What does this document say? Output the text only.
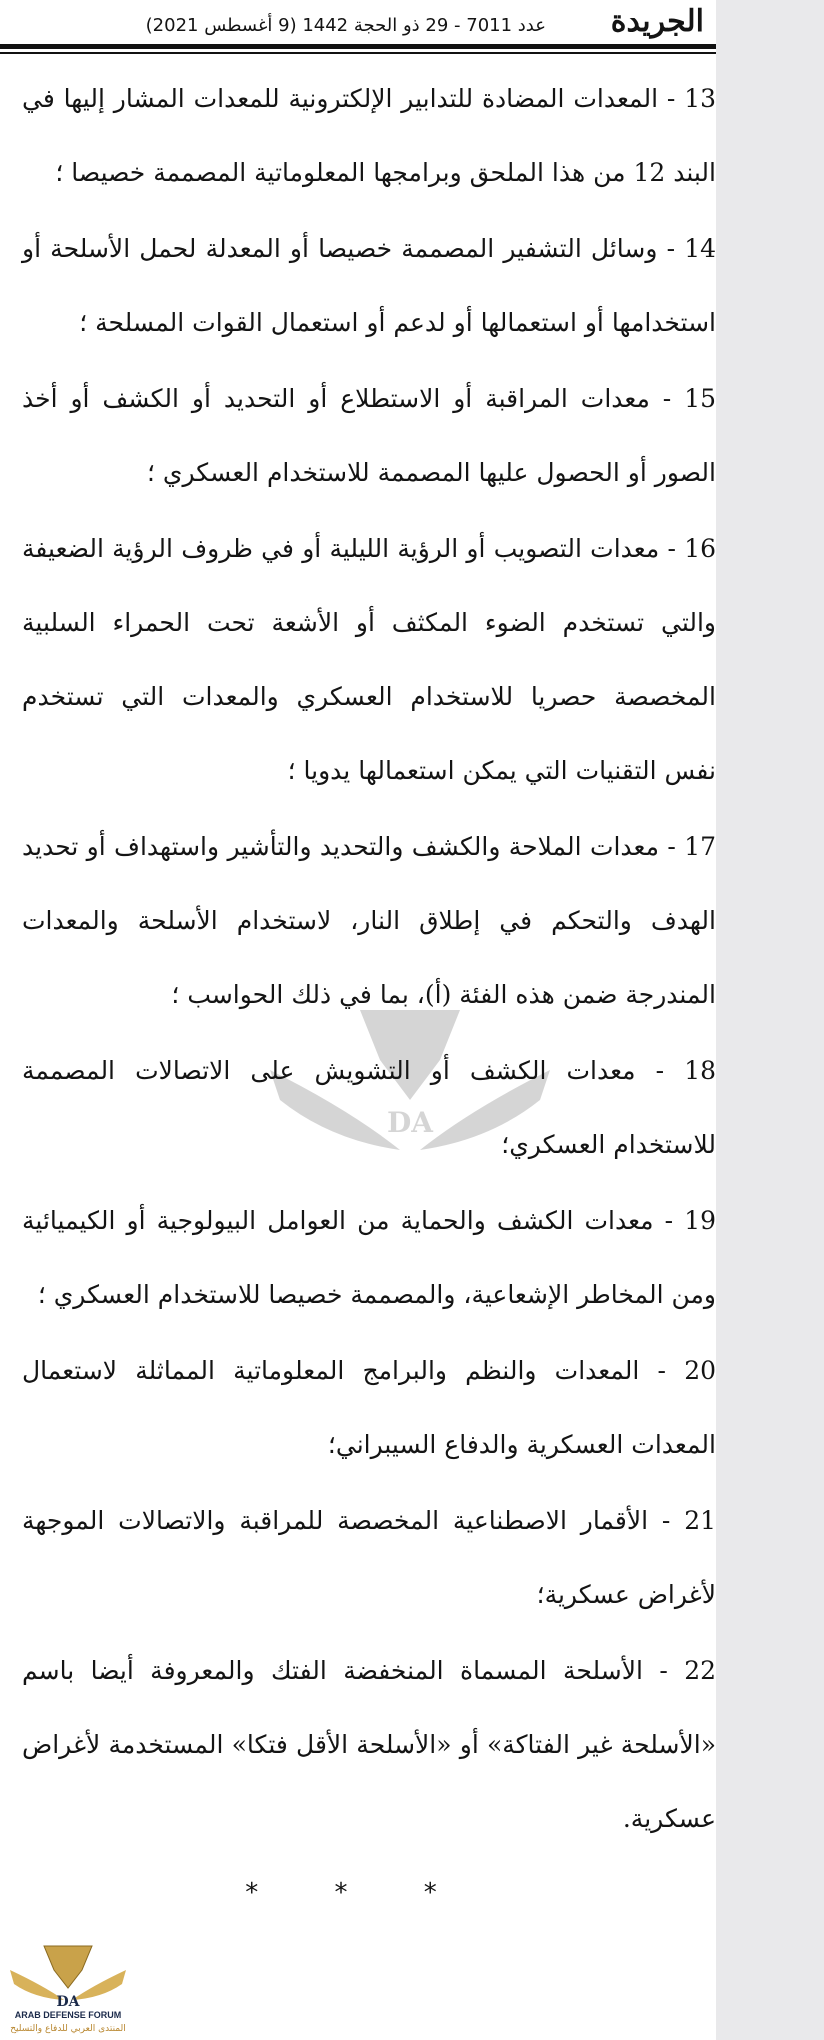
الجريدة
عدد 7011 - 29 ذو الحجة 1442 (9 أغسطس 2021)
DA

13 - المعدات المضادة للتدابير الإلكترونية للمعدات المشار إليها في البند 12 من هذا الملحق وبرامجها المعلوماتية المصممة خصيصا ؛

14 - وسائل التشفير المصممة خصيصا أو المعدلة لحمل الأسلحة أو استخدامها أو استعمالها أو لدعم أو استعمال القوات المسلحة ؛

15 - معدات المراقبة أو الاستطلاع أو التحديد أو الكشف أو أخذ الصور أو الحصول عليها المصممة للاستخدام العسكري ؛

16 - معدات التصويب أو الرؤية الليلية أو في ظروف الرؤية الضعيفة والتي تستخدم الضوء المكثف أو الأشعة تحت الحمراء السلبية المخصصة حصريا للاستخدام العسكري والمعدات التي تستخدم نفس التقنيات التي يمكن استعمالها يدويا ؛

17 - معدات الملاحة والكشف والتحديد والتأشير واستهداف أو تحديد الهدف والتحكم في إطلاق النار، لاستخدام الأسلحة والمعدات المندرجة ضمن هذه الفئة (أ)، بما في ذلك الحواسب ؛

18 - معدات الكشف أو التشويش على الاتصالات المصممة للاستخدام العسكري؛

19 - معدات الكشف والحماية من العوامل البيولوجية أو الكيميائية ومن المخاطر الإشعاعية، والمصممة خصيصا للاستخدام العسكري ؛

20 - المعدات والنظم والبرامج المعلوماتية المماثلة لاستعمال المعدات العسكرية والدفاع السيبراني؛

21 - الأقمار الاصطناعية المخصصة للمراقبة والاتصالات الموجهة لأغراض عسكرية؛

22 - الأسلحة المسماة المنخفضة الفتك والمعروفة أيضا باسم «الأسلحة غير الفتاكة» أو «الأسلحة الأقل فتكا» المستخدمة لأغراض عسكرية.

* * *
DA
ARAB DEFENSE FORUM
المنتدى العربي للدفاع والتسليح
